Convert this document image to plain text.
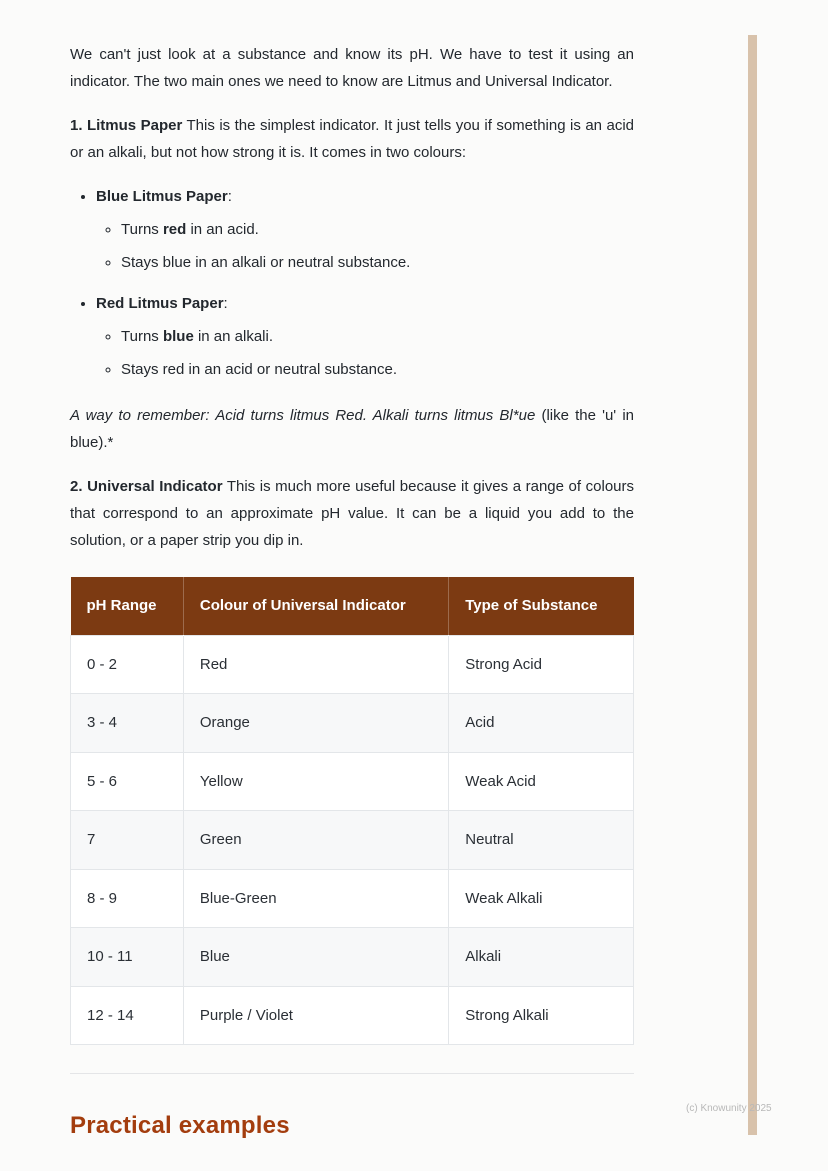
We can't just look at a substance and know its pH. We have to test it using an indicator. The two main ones we need to know are Litmus and Universal Indicator.

1. Litmus Paper This is the simplest indicator. It just tells you if something is an acid or an alkali, but not how strong it is. It comes in two colours:

• Blue Litmus Paper:
◦ Turns red in an acid.
◦ Stays blue in an alkali or neutral substance.
• Red Litmus Paper:
◦ Turns blue in an alkali.
◦ Stays red in an acid or neutral substance.

A way to remember: Acid turns litmus Red. Alkali turns litmus Bl*ue (like the 'u' in blue).*

2. Universal Indicator This is much more useful because it gives a range of colours that correspond to an approximate pH value. It can be a liquid you add to the solution, or a paper strip you dip in.

pH Range	Colour of Universal Indicator	Type of Substance
0 - 2	Red	Strong Acid
3 - 4	Orange	Acid
5 - 6	Yellow	Weak Acid
7	Green	Neutral
8 - 9	Blue-Green	Weak Alkali
10 - 11	Blue	Alkali
12 - 14	Purple / Violet	Strong Alkali
Practical examples
(c) Knowunity 2025
